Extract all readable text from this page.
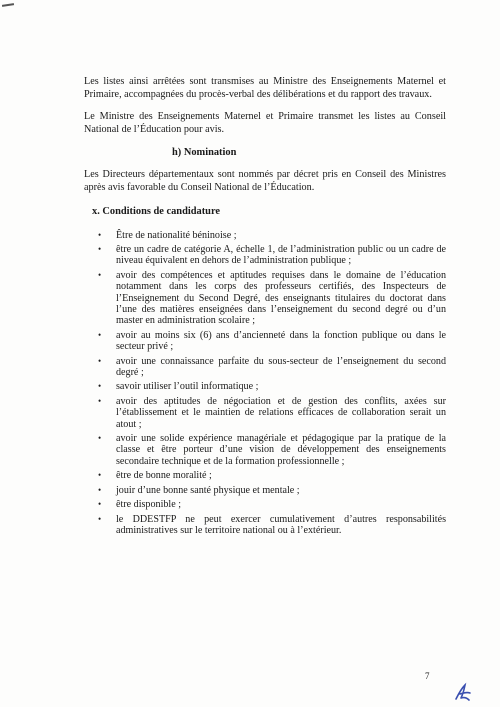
Les listes ainsi arrêtées sont transmises au Ministre des Enseignements Maternel et Primaire, accompagnées du procès-verbal des délibérations et du rapport des travaux.

Le Ministre des Enseignements Maternel et Primaire transmet les listes au Conseil National de l’Éducation pour avis.

h) Nomination

Les Directeurs départementaux sont nommés par décret pris en Conseil des Ministres après avis favorable du Conseil National de l’Éducation.

x. Conditions de candidature
• Être de nationalité béninoise ;
• être un cadre de catégorie A, échelle 1, de l’administration public ou un cadre de niveau équivalent en dehors de l’administration publique ;
• avoir des compétences et aptitudes requises dans le domaine de l’éducation notamment dans les corps des professeurs certifiés, des Inspecteurs de l’Enseignement du Second Degré, des enseignants titulaires du doctorat dans l’une des matières enseignées dans l’enseignement du second degré ou d’un master en administration scolaire ;
• avoir au moins six (6) ans d’ancienneté dans la fonction publique ou dans le secteur privé ;
• avoir une connaissance parfaite du sous-secteur de l’enseignement du second degré ;
• savoir utiliser l’outil informatique ;
• avoir des aptitudes de négociation et de gestion des conflits, axées sur l’établissement et le maintien de relations efficaces de collaboration serait un atout ;
• avoir une solide expérience managériale et pédagogique par la pratique de la classe et être porteur d’une vision de développement des enseignements secondaire technique et de la formation professionnelle ;
• être de bonne moralité ;
• jouir d’une bonne santé physique et mentale ;
• être disponible ;
• le DDESTFP ne peut exercer cumulativement d’autres responsabilités administratives sur le territoire national ou à l’extérieur.
7
